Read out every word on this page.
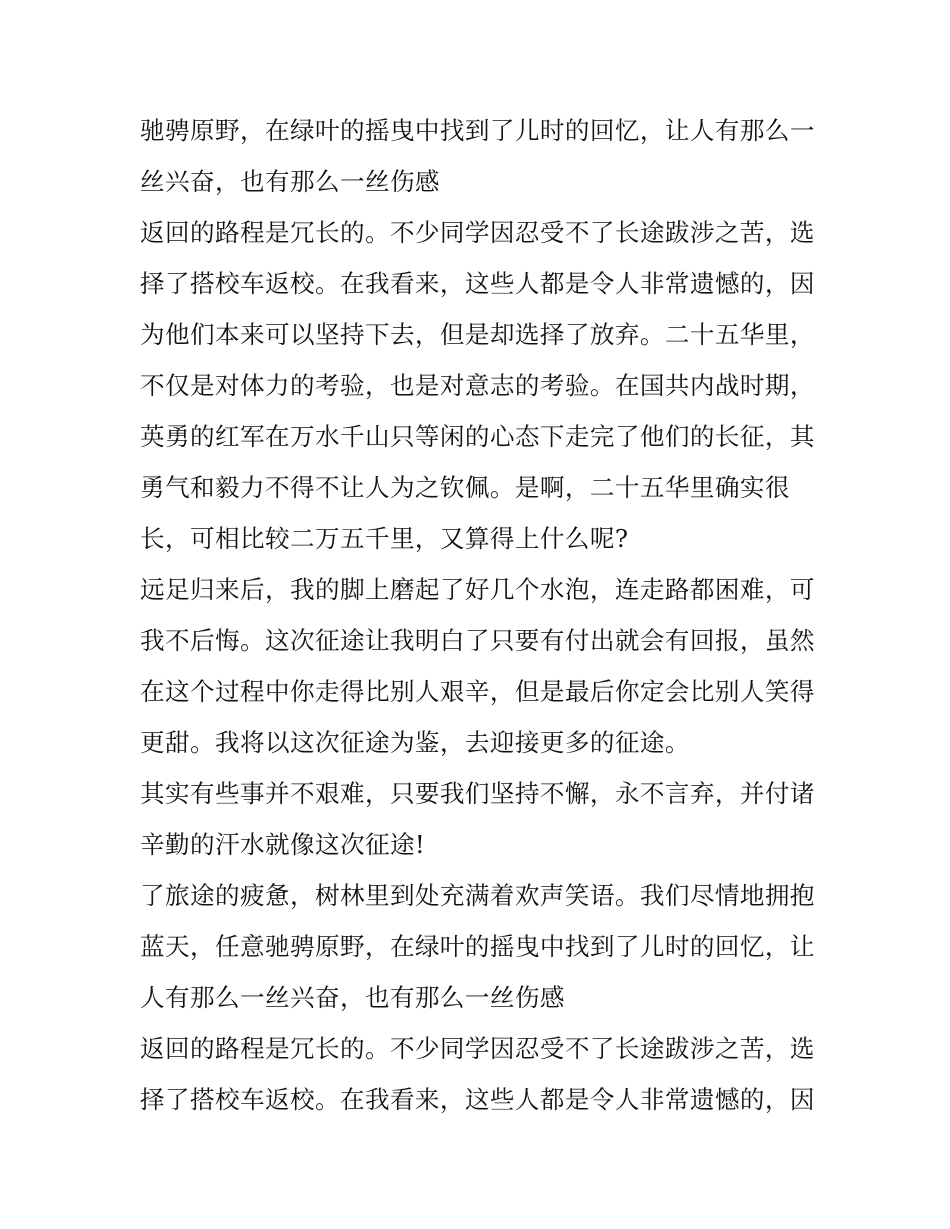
驰骋原野，在绿叶的摇曳中找到了儿时的回忆，让人有那么一
丝兴奋，也有那么一丝伤感
返回的路程是冗长的。不少同学因忍受不了长途跋涉之苦，选
择了搭校车返校。在我看来，这些人都是令人非常遗憾的，因
为他们本来可以坚持下去，但是却选择了放弃。二十五华里，
不仅是对体力的考验，也是对意志的考验。在国共内战时期，
英勇的红军在万水千山只等闲的心态下走完了他们的长征，其
勇气和毅力不得不让人为之钦佩。是啊，二十五华里确实很
长，可相比较二万五千里，又算得上什么呢?
远足归来后，我的脚上磨起了好几个水泡，连走路都困难，可
我不后悔。这次征途让我明白了只要有付出就会有回报，虽然
在这个过程中你走得比别人艰辛，但是最后你定会比别人笑得
更甜。我将以这次征途为鉴，去迎接更多的征途。
其实有些事并不艰难，只要我们坚持不懈，永不言弃，并付诸
辛勤的汗水就像这次征途!
了旅途的疲惫，树林里到处充满着欢声笑语。我们尽情地拥抱
蓝天，任意驰骋原野，在绿叶的摇曳中找到了儿时的回忆，让
人有那么一丝兴奋，也有那么一丝伤感
返回的路程是冗长的。不少同学因忍受不了长途跋涉之苦，选
择了搭校车返校。在我看来，这些人都是令人非常遗憾的，因
